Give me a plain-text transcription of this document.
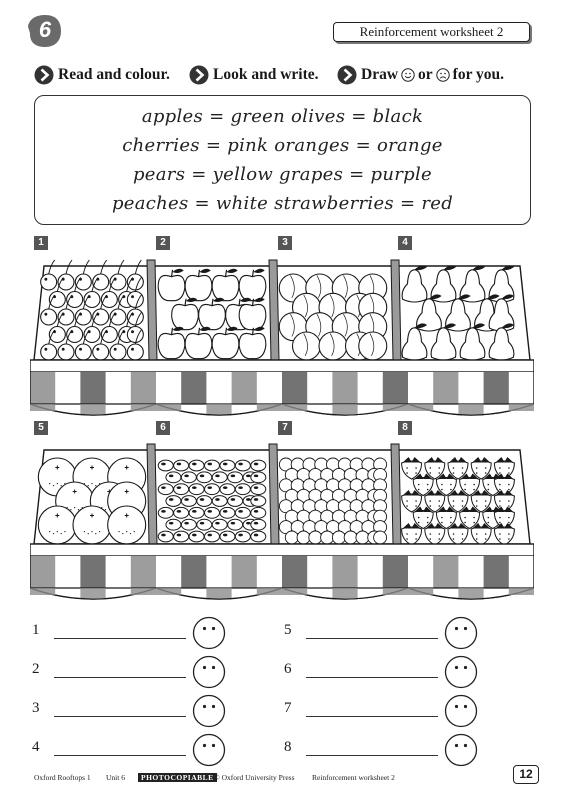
6	Reinforcement worksheet 2
Read and colour.	Look and write.	Draw or for you.
apples = green olives = black
cherries = pink oranges = orange
pears = yellow grapes = purple
peaches = white strawberries = red
1	2	3	4
5	6	7	8
1
2
3
4
5
6
7
8
Oxford Rooftops 1 Unit 6	PHOTOCOPIABLE © Oxford University Press Reinforcement worksheet 2	12
